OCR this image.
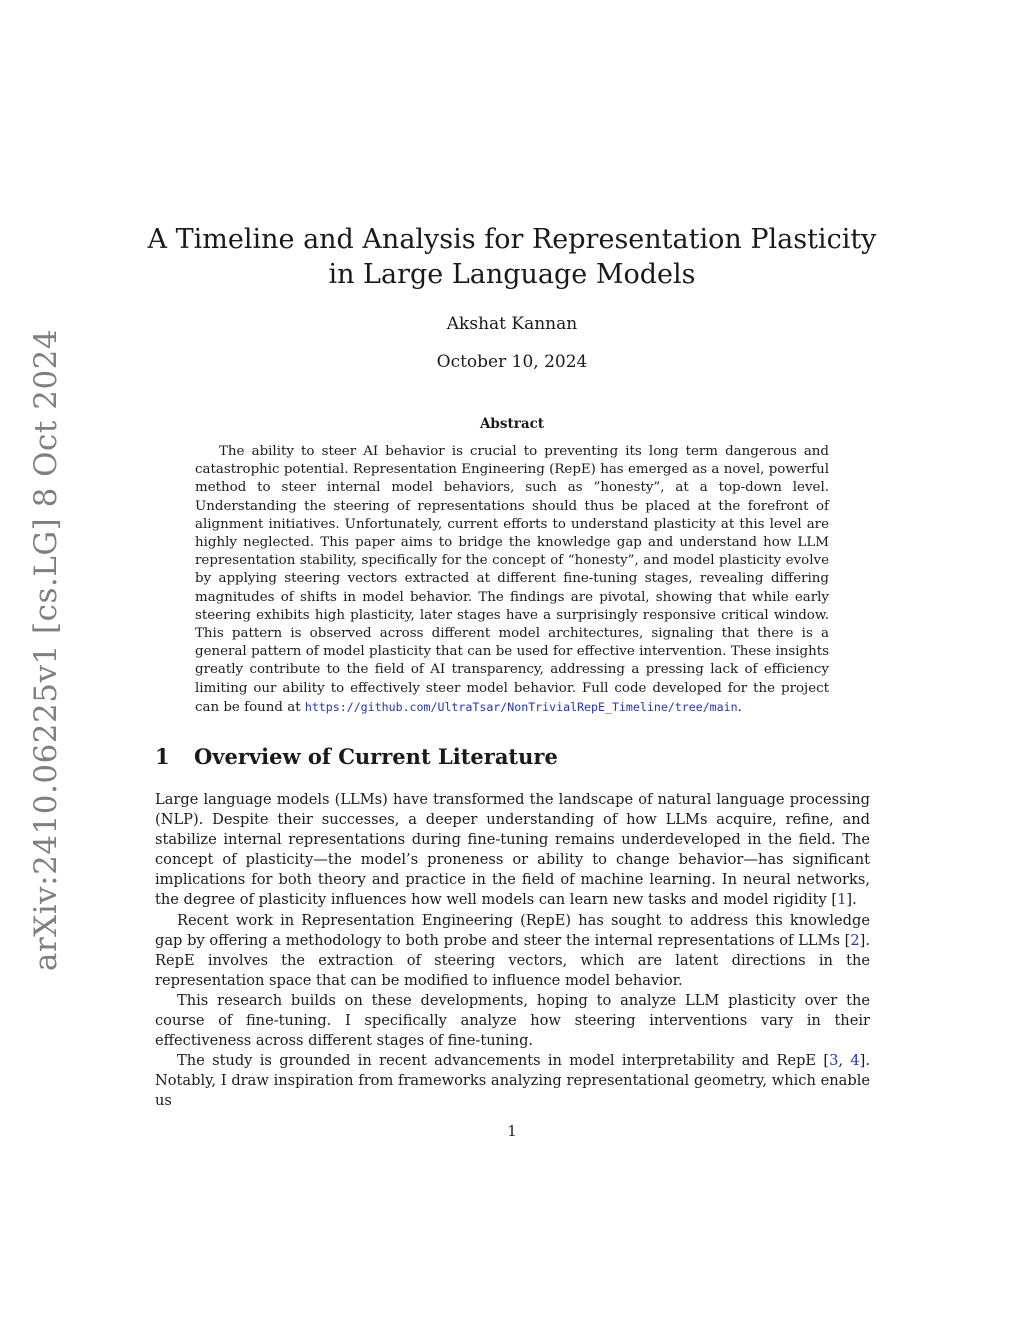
arXiv:2410.06225v1 [cs.LG] 8 Oct 2024
A Timeline and Analysis for Representation Plasticity in Large Language Models
Akshat Kannan
October 10, 2024
Abstract

The ability to steer AI behavior is crucial to preventing its long term dangerous and catastrophic potential. Representation Engineering (RepE) has emerged as a novel, powerful method to steer internal model behaviors, such as ”honesty”, at a top-down level. Understanding the steering of representations should thus be placed at the forefront of alignment initiatives. Unfortunately, current efforts to understand plasticity at this level are highly neglected. This paper aims to bridge the knowledge gap and understand how LLM representation stability, specifically for the concept of “honesty”, and model plasticity evolve by applying steering vectors extracted at different fine-tuning stages, revealing differing magnitudes of shifts in model behavior. The findings are pivotal, showing that while early steering exhibits high plasticity, later stages have a surprisingly responsive critical window. This pattern is observed across different model architectures, signaling that there is a general pattern of model plasticity that can be used for effective intervention. These insights greatly contribute to the field of AI transparency, addressing a pressing lack of efficiency limiting our ability to effectively steer model behavior. Full code developed for the project can be found at https://github.com/UltraTsar/NonTrivialRepE_Timeline/tree/main.

1 Overview of Current Literature

Large language models (LLMs) have transformed the landscape of natural language processing (NLP). Despite their successes, a deeper understanding of how LLMs acquire, refine, and stabilize internal representations during fine-tuning remains underdeveloped in the field. The concept of plasticity—the model’s proneness or ability to change behavior—has significant implications for both theory and practice in the field of machine learning. In neural networks, the degree of plasticity influences how well models can learn new tasks and model rigidity [1].

Recent work in Representation Engineering (RepE) has sought to address this knowledge gap by offering a methodology to both probe and steer the internal representations of LLMs [2]. RepE involves the extraction of steering vectors, which are latent directions in the representation space that can be modified to influence model behavior.

This research builds on these developments, hoping to analyze LLM plasticity over the course of fine-tuning. I specifically analyze how steering interventions vary in their effectiveness across different stages of fine-tuning.

The study is grounded in recent advancements in model interpretability and RepE [3, 4]. Notably, I draw inspiration from frameworks analyzing representational geometry, which enable us

1
